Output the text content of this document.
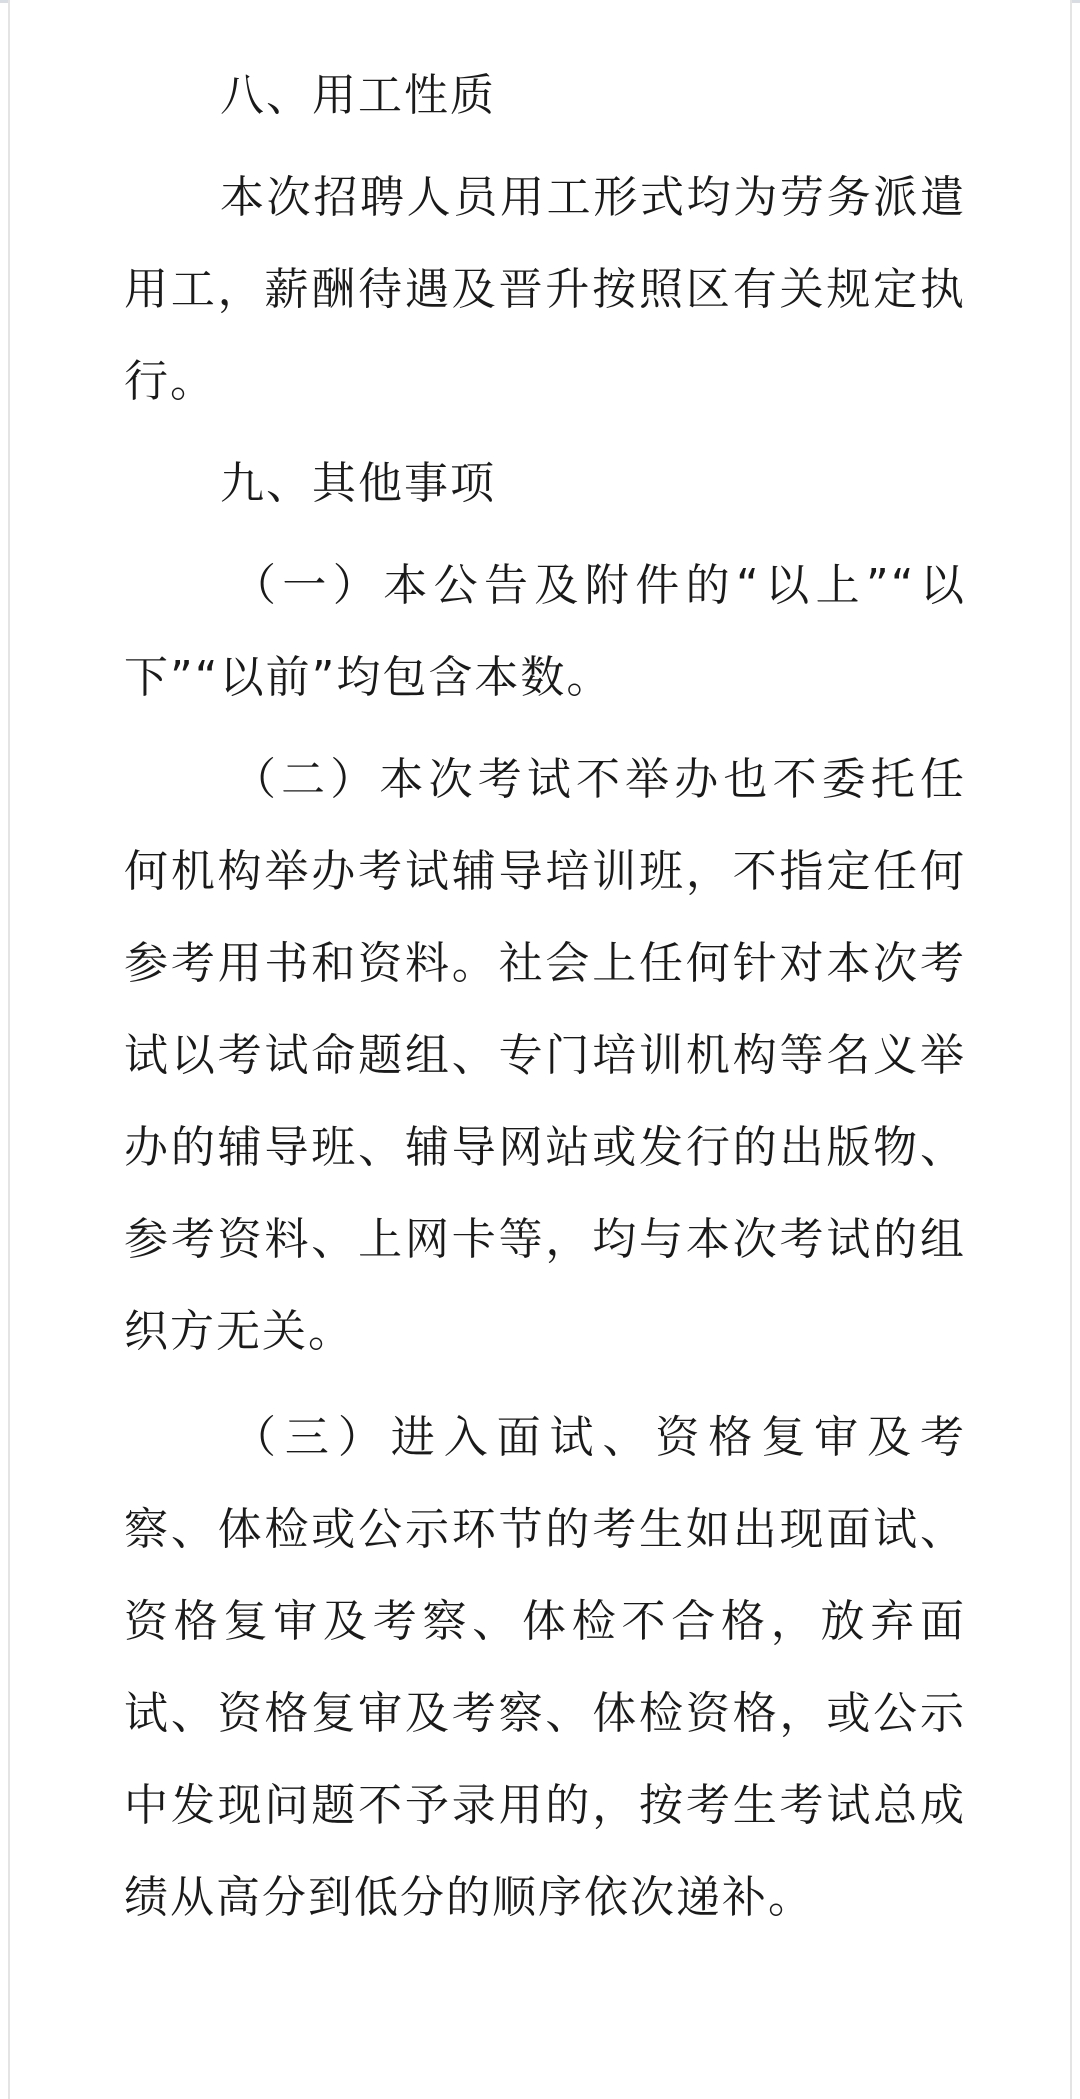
八、用工性质

本次招聘人员用工形式均为劳务派遣用工，薪酬待遇及晋升按照区有关规定执行。

九、其他事项

（一）本公告及附件的“以上”“以下”“以前”均包含本数。

（二）本次考试不举办也不委托任何机构举办考试辅导培训班，不指定任何参考用书和资料。社会上任何针对本次考试以考试命题组、专门培训机构等名义举办的辅导班、辅导网站或发行的出版物、参考资料、上网卡等，均与本次考试的组织方无关。

（三）进入面试、资格复审及考察、体检或公示环节的考生如出现面试、资格复审及考察、体检不合格，放弃面试、资格复审及考察、体检资格，或公示中发现问题不予录用的，按考生考试总成绩从高分到低分的顺序依次递补。
